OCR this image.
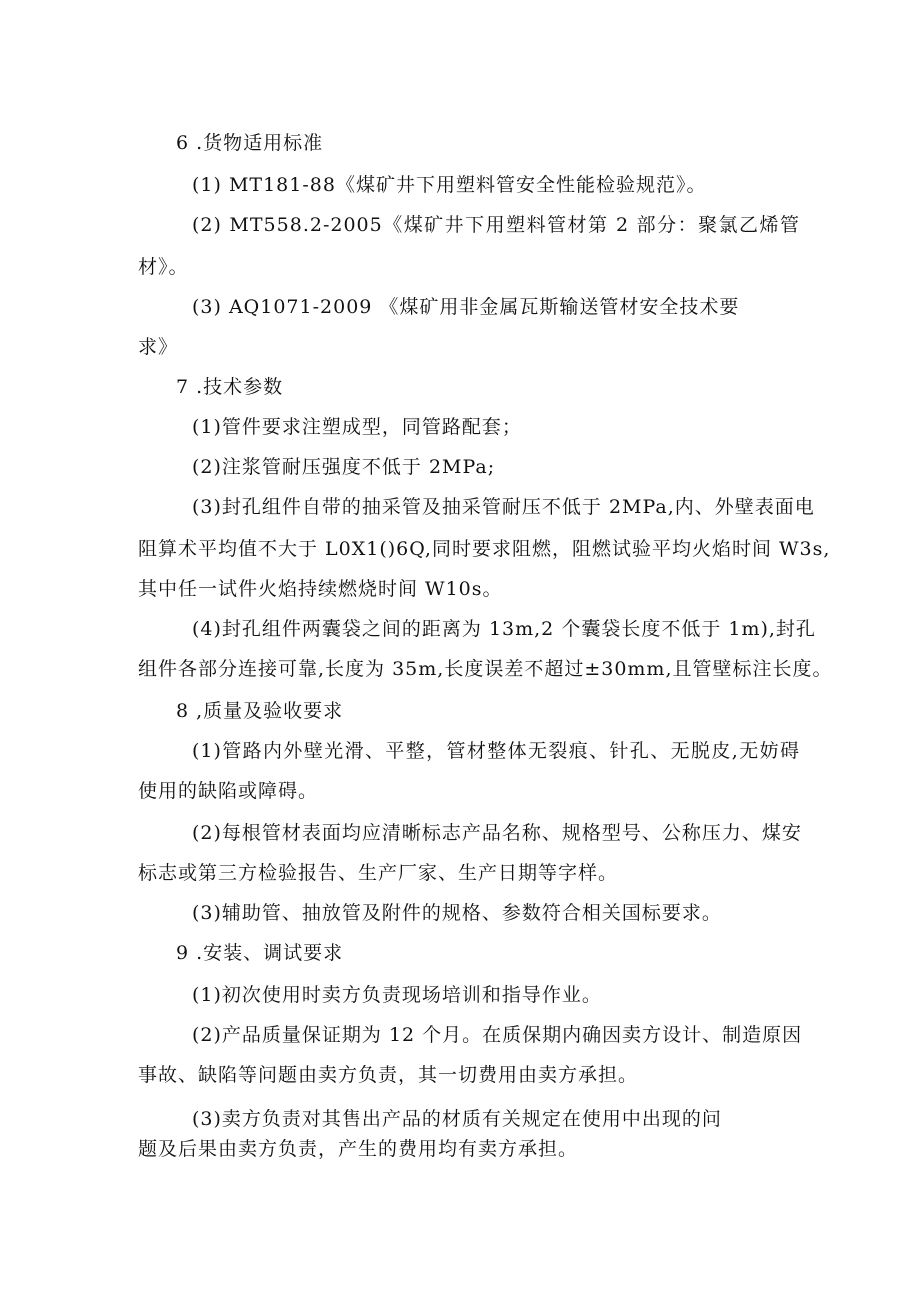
6 .货物适用标准
(1) MT181-88《煤矿井下用塑料管安全性能检验规范》。
(2) MT558.2-2005《煤矿井下用塑料管材第 2 部分：聚氯乙烯管
材》。
(3) AQ1071-2009 《煤矿用非金属瓦斯输送管材安全技术要
求》
7 .技术参数
(1)管件要求注塑成型，同管路配套；
(2)注浆管耐压强度不低于 2MPa;
(3)封孔组件自带的抽采管及抽采管耐压不低于 2MPa,内、外壁表面电
阻算术平均值不大于 L0X1()6Q,同时要求阻燃，阻燃试验平均火焰时间 W3s,
其中任一试件火焰持续燃烧时间 W10s。
(4)封孔组件两囊袋之间的距离为 13m,2 个囊袋长度不低于 1m),封孔
组件各部分连接可靠,长度为 35m,长度误差不超过±30mm,且管壁标注长度。
8 ,质量及验收要求
(1)管路内外壁光滑、平整，管材整体无裂痕、针孔、无脱皮,无妨碍
使用的缺陷或障碍。
(2)每根管材表面均应清晰标志产品名称、规格型号、公称压力、煤安
标志或第三方检验报告、生产厂家、生产日期等字样。
(3)辅助管、抽放管及附件的规格、参数符合相关国标要求。
9 .安装、调试要求
(1)初次使用时卖方负责现场培训和指导作业。
(2)产品质量保证期为 12 个月。在质保期内确因卖方设计、制造原因
事故、缺陷等问题由卖方负责，其一切费用由卖方承担。
(3)卖方负责对其售出产品的材质有关规定在使用中出现的问
题及后果由卖方负责，产生的费用均有卖方承担。
